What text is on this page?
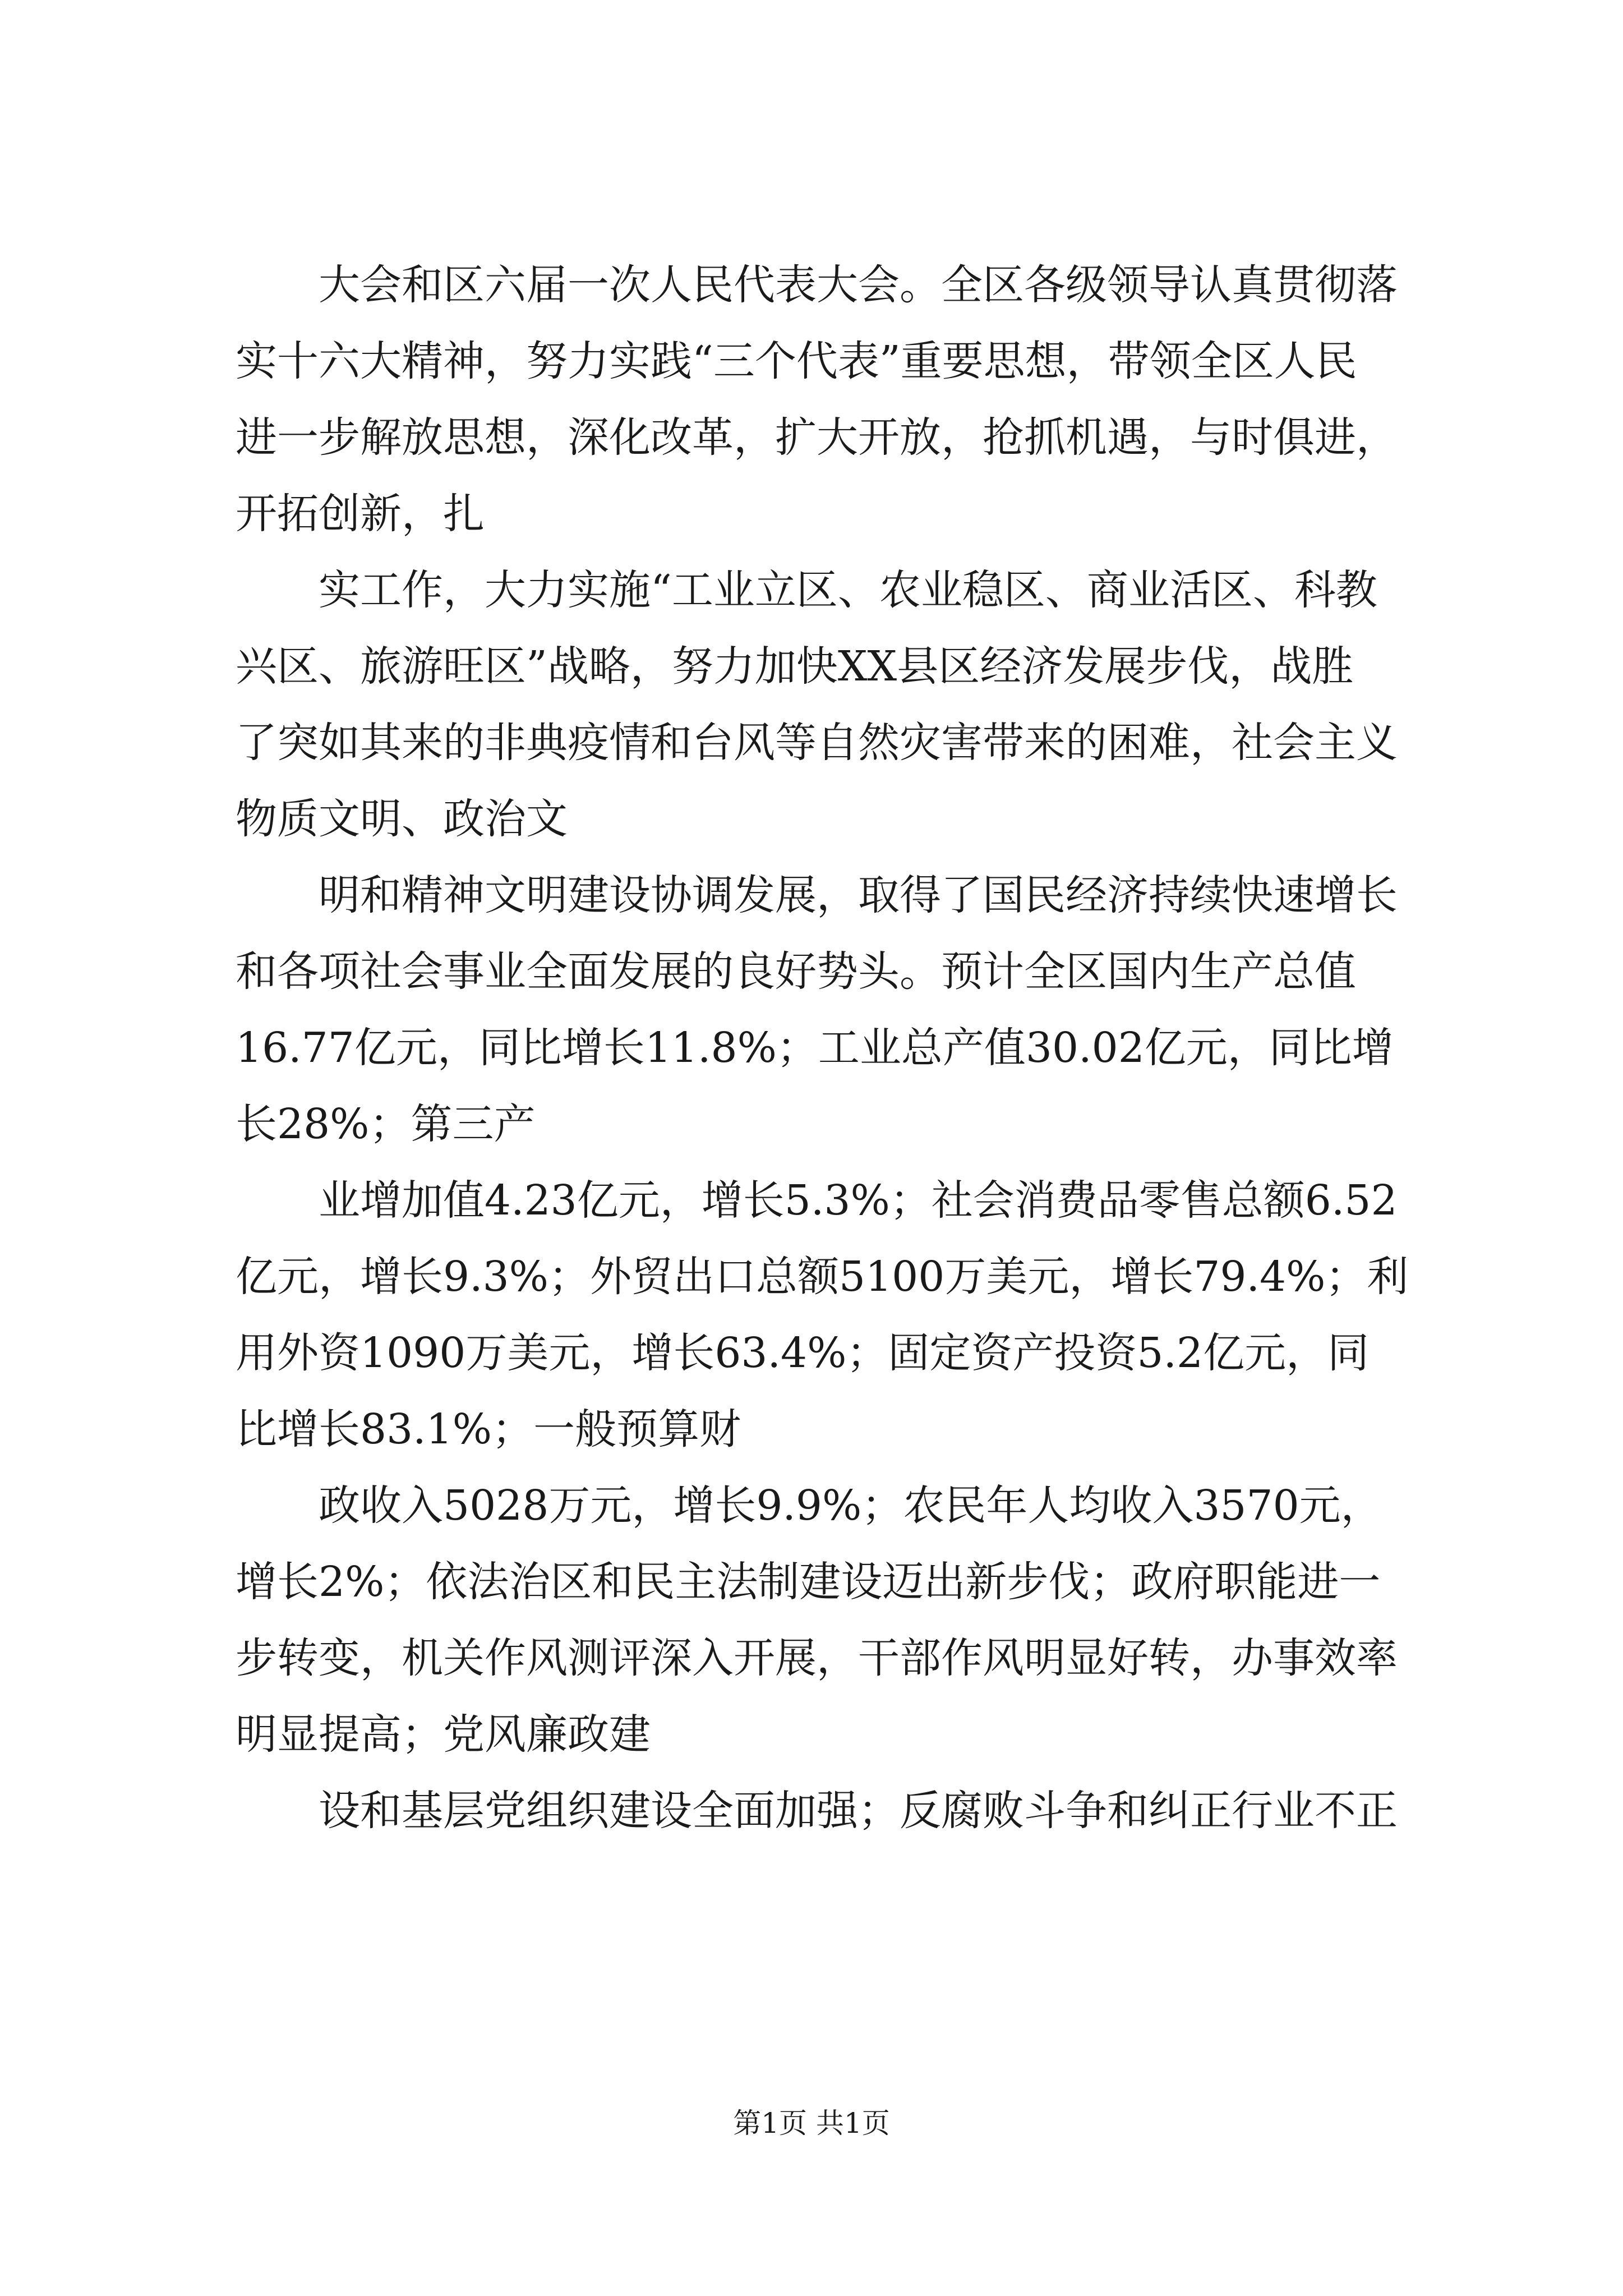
大会和区六届一次人民代表大会。全区各级领导认真贯彻落
实十六大精神，努力实践“三个代表”重要思想，带领全区人民
进一步解放思想，深化改革，扩大开放，抢抓机遇，与时俱进，
开拓创新，扎

实工作，大力实施“工业立区、农业稳区、商业活区、科教
兴区、旅游旺区”战略，努力加快XX县区经济发展步伐，战胜
了突如其来的非典疫情和台风等自然灾害带来的困难，社会主义
物质文明、政治文

明和精神文明建设协调发展，取得了国民经济持续快速增长
和各项社会事业全面发展的良好势头。预计全区国内生产总值
16.77亿元，同比增长11.8%；工业总产值30.02亿元，同比增
长28%；第三产

业增加值4.23亿元，增长5.3%；社会消费品零售总额6.52
亿元，增长9.3%；外贸出口总额5100万美元，增长79.4%；利
用外资1090万美元，增长63.4%；固定资产投资5.2亿元，同
比增长83.1%；一般预算财

政收入5028万元，增长9.9%；农民年人均收入3570元，
增长2%；依法治区和民主法制建设迈出新步伐；政府职能进一
步转变，机关作风测评深入开展，干部作风明显好转，办事效率
明显提高；党风廉政建

设和基层党组织建设全面加强；反腐败斗争和纠正行业不正

第1页 共1页
